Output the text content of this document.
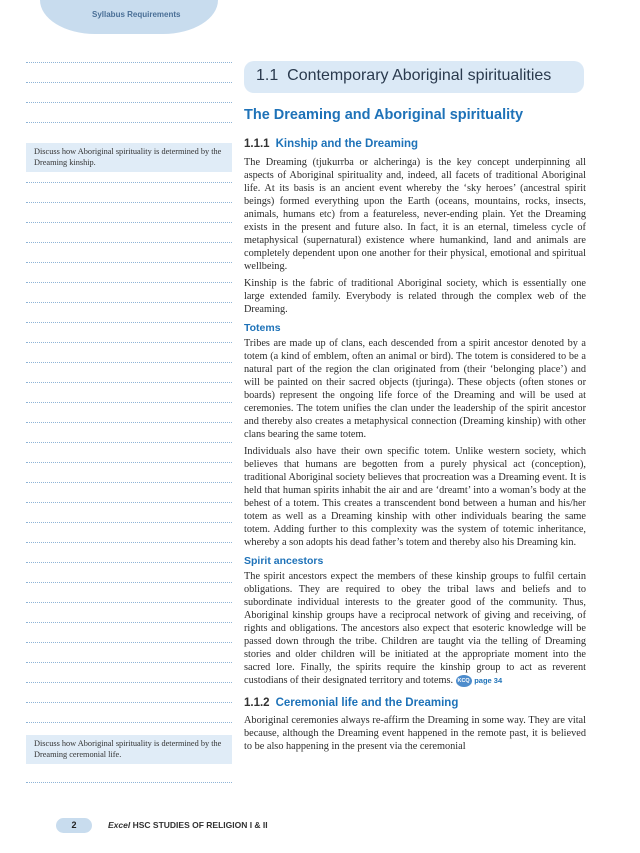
Syllabus Requirements
Discuss how Aboriginal spirituality is determined by the Dreaming kinship.
Discuss how Aboriginal spirituality is determined by the Dreaming ceremonial life.
1.1 Contemporary Aboriginal spiritualities
The Dreaming and Aboriginal spirituality
1.1.1 Kinship and the Dreaming

The Dreaming (tjukurrba or alcheringa) is the key concept underpinning all aspects of Aboriginal spirituality and, indeed, all facets of traditional Aboriginal life. At its basis is an ancient event whereby the ‘sky heroes’ (ancestral spirit beings) formed everything upon the Earth (oceans, mountains, rocks, insects, animals, humans etc) from a featureless, never-ending plain. Yet the Dreaming exists in the present and future also. In fact, it is an eternal, timeless cycle of metaphysical (supernatural) existence where humankind, land and animals are completely dependent upon one another for their physical, emotional and spiritual wellbeing.

Kinship is the fabric of traditional Aboriginal society, which is essentially one large extended family. Everybody is related through the complex web of the Dreaming.

Totems

Tribes are made up of clans, each descended from a spirit ancestor denoted by a totem (a kind of emblem, often an animal or bird). The totem is considered to be a natural part of the region the clan originated from (their ‘belonging place’) and will be painted on their sacred objects (tjuringa). These objects (often stones or boards) represent the ongoing life force of the Dreaming and will be used at ceremonies. The totem unifies the clan under the leadership of the spirit ancestor and thereby also creates a metaphysical connection (Dreaming kinship) with other clans bearing the same totem.

Individuals also have their own specific totem. Unlike western society, which believes that humans are begotten from a purely physical act (conception), traditional Aboriginal society believes that procreation was a Dreaming event. It is held that human spirits inhabit the air and are ‘dreamt’ into a woman’s body at the behest of a totem. This creates a transcendent bond between a human and his/her totem as well as a Dreaming kinship with other individuals bearing the same totem. Adding further to this complexity was the system of totemic inheritance, whereby a son adopts his dead father’s totem and thereby also his Dreaming kin.

Spirit ancestors

The spirit ancestors expect the members of these kinship groups to fulfil certain obligations. They are required to obey the tribal laws and beliefs and to subordinate individual interests to the greater good of the community. Thus, Aboriginal kinship groups have a reciprocal network of giving and receiving, of rights and obligations. The ancestors also expect that esoteric knowledge will be passed down through the tribe. Children are taught via the telling of Dreaming stories and older children will be initiated at the appropriate moment into the sacred lore. Finally, the spirits require the kinship group to act as reverent custodians of their designated territory and totems. KCQ page 34

1.1.2 Ceremonial life and the Dreaming

Aboriginal ceremonies always re-affirm the Dreaming in some way. They are vital because, although the Dreaming event happened in the remote past, it is believed to be also happening in the present via the ceremonial

2	Excel HSC STUDIES OF RELIGION I & II
